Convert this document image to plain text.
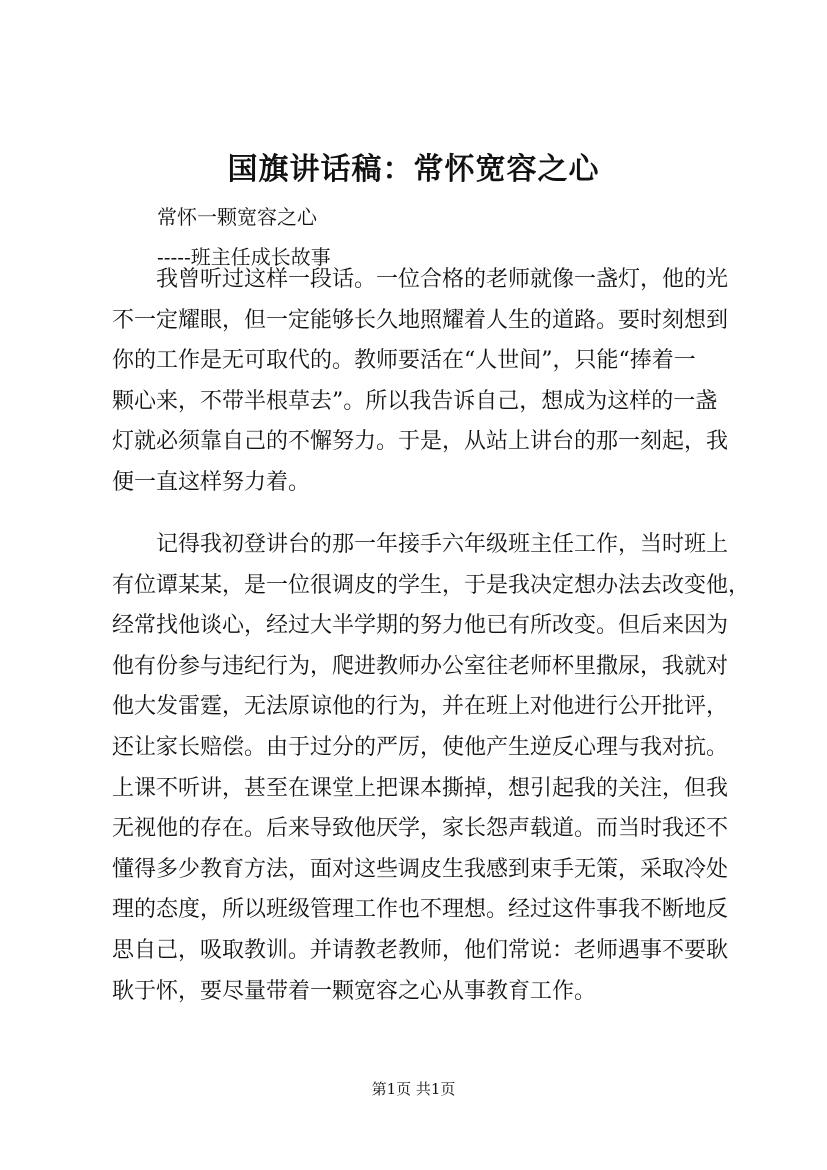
国旗讲话稿：常怀宽容之心
常怀一颗宽容之心
-----班主任成长故事
我曾听过这样一段话。一位合格的老师就像一盏灯，他的光
不一定耀眼，但一定能够长久地照耀着人生的道路。要时刻想到
你的工作是无可取代的。教师要活在“人世间”，只能“捧着一
颗心来，不带半根草去”。所以我告诉自己，想成为这样的一盏
灯就必须靠自己的不懈努力。于是，从站上讲台的那一刻起，我
便一直这样努力着。
记得我初登讲台的那一年接手六年级班主任工作，当时班上
有位谭某某，是一位很调皮的学生，于是我决定想办法去改变他，
经常找他谈心，经过大半学期的努力他已有所改变。但后来因为
他有份参与违纪行为，爬进教师办公室往老师杯里撒尿，我就对
他大发雷霆，无法原谅他的行为，并在班上对他进行公开批评，
还让家长赔偿。由于过分的严厉，使他产生逆反心理与我对抗。
上课不听讲，甚至在课堂上把课本撕掉，想引起我的关注，但我
无视他的存在。后来导致他厌学，家长怨声载道。而当时我还不
懂得多少教育方法，面对这些调皮生我感到束手无策，采取冷处
理的态度，所以班级管理工作也不理想。经过这件事我不断地反
思自己，吸取教训。并请教老教师，他们常说：老师遇事不要耿
耿于怀，要尽量带着一颗宽容之心从事教育工作。
第1页 共1页
